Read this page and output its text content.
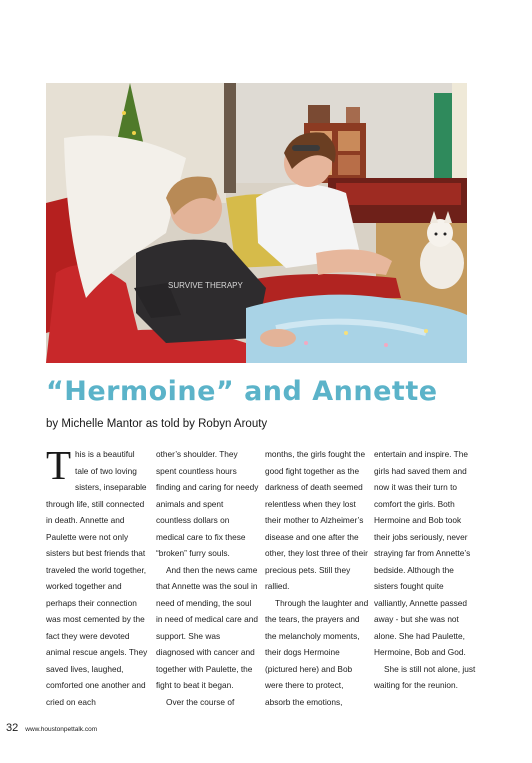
SURVIVE THERAPY
“Hermoine” and Annette
by Michelle Mantor as told by Robyn Arouty

This is a beautiful tale of two loving sisters, inseparable through life, still connected in death. Annette and Paulette were not only sisters but best friends that traveled the world together, worked together and perhaps their connection was most cemented by the fact they were devoted animal rescue angels. They saved lives, laughed, comforted one another and cried on each

other’s shoulder. They spent countless hours finding and caring for needy animals and spent countless dollars on medical care to fix these “broken” furry souls.

And then the news came that Annette was the soul in need of mending, the soul in need of medical care and support. She was diagnosed with cancer and together with Paulette, the fight to beat it began.

Over the course of

months, the girls fought the good fight together as the darkness of death seemed relentless when they lost their mother to Alzheimer’s disease and one after the other, they lost three of their precious pets. Still they rallied.

Through the laughter and the tears, the prayers and the melancholy moments, their dogs Hermoine (pictured here) and Bob were there to protect, absorb the emotions,

entertain and inspire. The girls had saved them and now it was their turn to comfort the girls. Both Hermoine and Bob took their jobs seriously, never straying far from Annette’s bedside. Although the sisters fought quite valliantly, Annette passed away - but she was not alone. She had Paulette, Hermoine, Bob and God.

She is still not alone, just waiting for the reunion.

32 www.houstonpettalk.com
